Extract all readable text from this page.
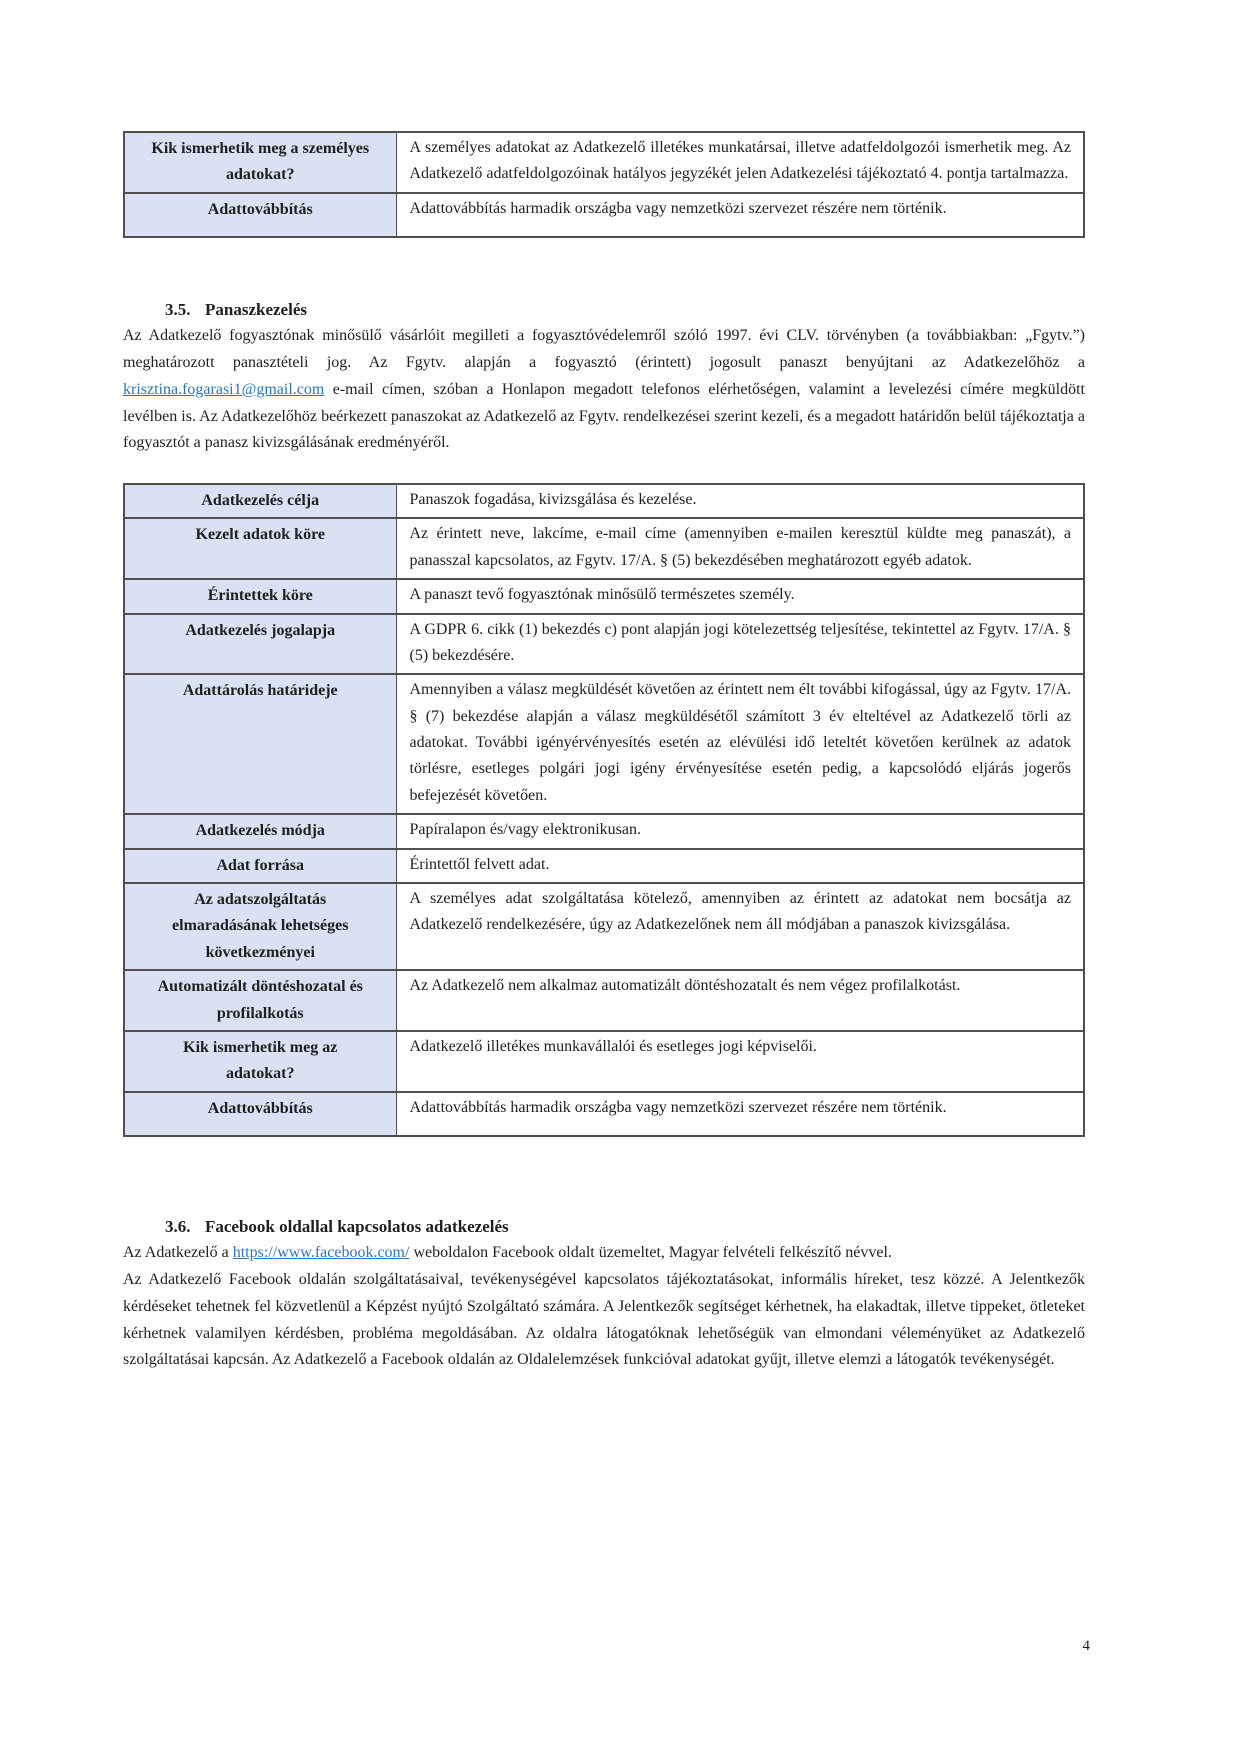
Kik ismerhetik meg a személyes adatokat?	A személyes adatokat az Adatkezelő illetékes munkatársai, illetve adatfeldolgozói ismerhetik meg. Az Adatkezelő adatfeldolgozóinak hatályos jegyzékét jelen Adatkezelési tájékoztató 4. pontja tartalmazza.
Adattovábbítás	Adattovábbítás harmadik országba vagy nemzetközi szervezet részére nem történik.
3.5. Panaszkezelés

Az Adatkezelő fogyasztónak minősülő vásárlóit megilleti a fogyasztóvédelemről szóló 1997. évi CLV. törvényben (a továbbiakban: „Fgytv.”) meghatározott panasztételi jog. Az Fgytv. alapján a fogyasztó (érintett) jogosult panaszt benyújtani az Adatkezelőhöz a krisztina.fogarasi1@gmail.com e-mail címen, szóban a Honlapon megadott telefonos elérhetőségen, valamint a levelezési címére megküldött levélben is. Az Adatkezelőhöz beérkezett panaszokat az Adatkezelő az Fgytv. rendelkezései szerint kezeli, és a megadott határidőn belül tájékoztatja a fogyasztót a panasz kivizsgálásának eredményéről.

Adatkezelés célja	Panaszok fogadása, kivizsgálása és kezelése.
Kezelt adatok köre	Az érintett neve, lakcíme, e-mail címe (amennyiben e-mailen keresztül küldte meg panaszát), a panasszal kapcsolatos, az Fgytv. 17/A. § (5) bekezdésében meghatározott egyéb adatok.
Érintettek köre	A panaszt tevő fogyasztónak minősülő természetes személy.
Adatkezelés jogalapja	A GDPR 6. cikk (1) bekezdés c) pont alapján jogi kötelezettség teljesítése, tekintettel az Fgytv. 17/A. § (5) bekezdésére.
Adattárolás határideje	Amennyiben a válasz megküldését követően az érintett nem élt további kifogással, úgy az Fgytv. 17/A. § (7) bekezdése alapján a válasz megküldésétől számított 3 év elteltével az Adatkezelő törli az adatokat. További igényérvényesítés esetén az elévülési idő leteltét követően kerülnek az adatok törlésre, esetleges polgári jogi igény érvényesítése esetén pedig, a kapcsolódó eljárás jogerős befejezését követően.
Adatkezelés módja	Papíralapon és/vagy elektronikusan.
Adat forrása	Érintettől felvett adat.
Az adatszolgáltatás elmaradásának lehetséges következményei	A személyes adat szolgáltatása kötelező, amennyiben az érintett az adatokat nem bocsátja az Adatkezelő rendelkezésére, úgy az Adatkezelőnek nem áll módjában a panaszok kivizsgálása.
Automatizált döntéshozatal és profilalkotás	Az Adatkezelő nem alkalmaz automatizált döntéshozatalt és nem végez profilalkotást.
Kik ismerhetik meg az adatokat?	Adatkezelő illetékes munkavállalói és esetleges jogi képviselői.
Adattovábbítás	Adattovábbítás harmadik országba vagy nemzetközi szervezet részére nem történik.
3.6. Facebook oldallal kapcsolatos adatkezelés

Az Adatkezelő a https://www.facebook.com/ weboldalon Facebook oldalt üzemeltet, Magyar felvételi felkészítő névvel.

Az Adatkezelő Facebook oldalán szolgáltatásaival, tevékenységével kapcsolatos tájékoztatásokat, informális híreket, tesz közzé. A Jelentkezők kérdéseket tehetnek fel közvetlenül a Képzést nyújtó Szolgáltató számára. A Jelentkezők segítséget kérhetnek, ha elakadtak, illetve tippeket, ötleteket kérhetnek valamilyen kérdésben, probléma megoldásában. Az oldalra látogatóknak lehetőségük van elmondani véleményüket az Adatkezelő szolgáltatásai kapcsán. Az Adatkezelő a Facebook oldalán az Oldalelemzések funkcióval adatokat gyűjt, illetve elemzi a látogatók tevékenységét.

4
